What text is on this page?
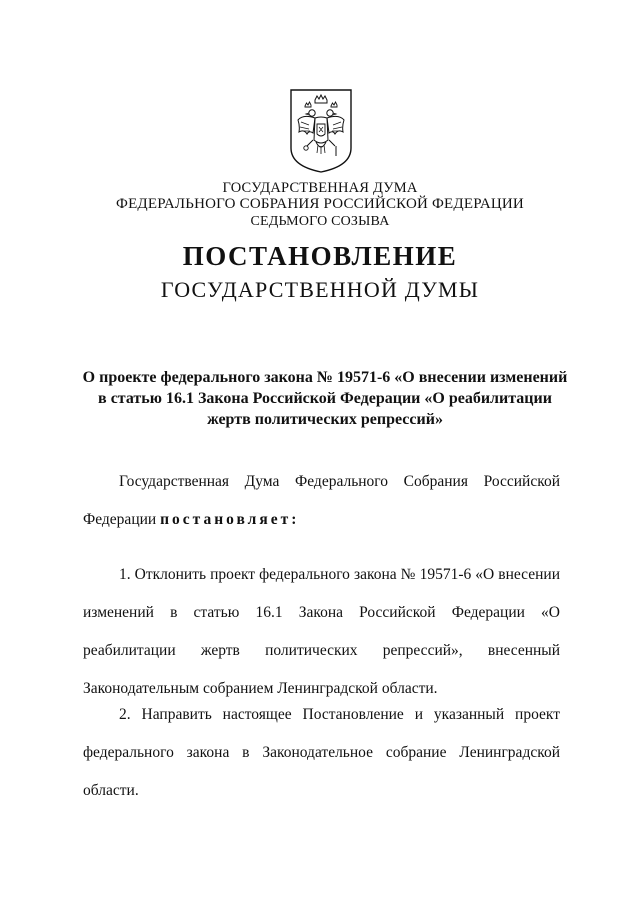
ГОСУДАРСТВЕННАЯ ДУМА
ФЕДЕРАЛЬНОГО СОБРАНИЯ РОССИЙСКОЙ ФЕДЕРАЦИИ
СЕДЬМОГО СОЗЫВА
ПОСТАНОВЛЕНИЕ
ГОСУДАРСТВЕННОЙ ДУМЫ
О проекте федерального закона № 19571-6 «О внесении изменений в статью 16.1 Закона Российской Федерации «О реабилитации жертв политических репрессий»
Государственная Дума Федерального Собрания Российской Федерации постановляет:
1. Отклонить проект федерального закона № 19571-6 «О внесении изменений в статью 16.1 Закона Российской Федерации «О реабилитации жертв политических репрессий», внесенный Законодательным собранием Ленинградской области.
2. Направить настоящее Постановление и указанный проект федерального закона в Законодательное собрание Ленинградской области.
